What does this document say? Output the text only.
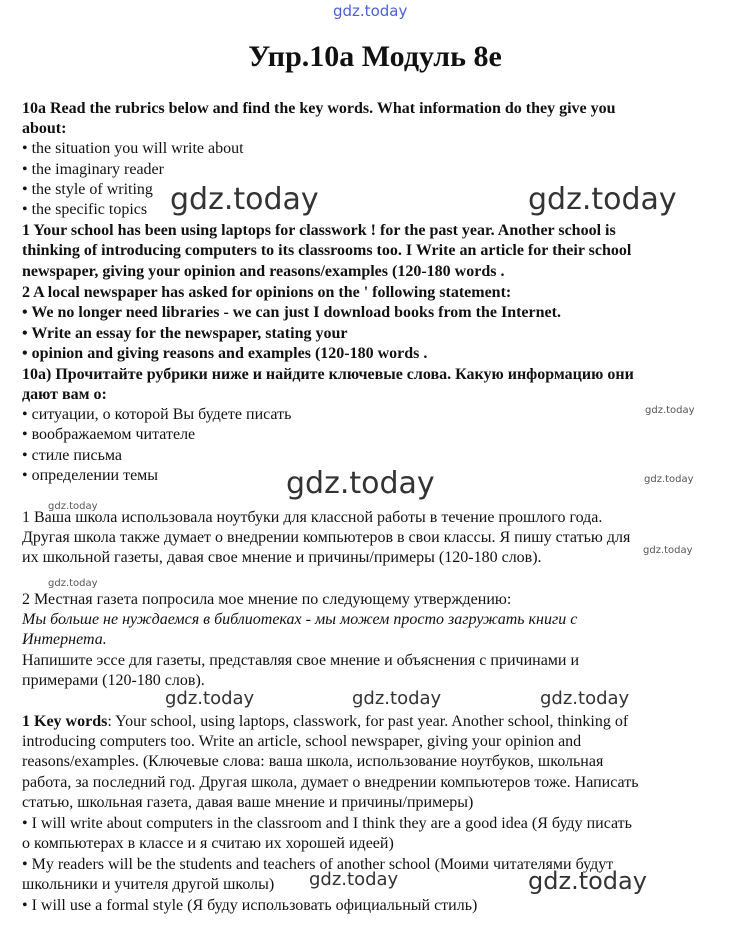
gdz.today
gdz.today	gdz.today
gdz.today
gdz.today
gdz.today
gdz.today
gdz.today
gdz.today
gdz.today	gdz.today	gdz.today
gdz.today	gdz.today
Упр.10a Модуль 8e
10a Read the rubrics below and find the key words. What information do they give you
about:
• the situation you will write about
• the imaginary reader
• the style of writing
• the specific topics
1 Your school has been using laptops for classwork ! for the past year. Another school is
thinking of introducing computers to its classrooms too. I Write an article for their school
newspaper, giving your opinion and reasons/examples (120-180 words .
2 A local newspaper has asked for opinions on the ' following statement:
• We no longer need libraries - we can just I download books from the Internet.
• Write an essay for the newspaper, stating your
• opinion and giving reasons and examples (120-180 words .
10a) Прочитайте рубрики ниже и найдите ключевые слова. Какую информацию они
дают вам о:
• ситуации, о которой Вы будете писать
• воображаемом читателе
• стиле письма
• определении темы
1 Ваша школа использовала ноутбуки для классной работы в течение прошлого года.
Другая школа также думает о внедрении компьютеров в свои классы. Я пишу статью для
их школьной газеты, давая свое мнение и причины/примеры (120-180 слов).
2 Местная газета попросила мое мнение по следующему утверждению:
Мы больше не нуждаемся в библиотеках - мы можем просто загружать книги с
Интернета.
Напишите эссе для газеты, представляя свое мнение и объяснения с причинами и
примерами (120-180 слов).
1 Key words: Your school, using laptops, classwork, for past year. Another school, thinking of
introducing computers too. Write an article, school newspaper, giving your opinion and
reasons/examples. (Ключевые слова: ваша школа, использование ноутбуков, школьная
работа, за последний год. Другая школа, думает о внедрении компьютеров тоже. Написать
статью, школьная газета, давая ваше мнение и причины/примеры)
• I will write about computers in the classroom and I think they are a good idea (Я буду писать
о компьютерах в классе и я считаю их хорошей идеей)
• My readers will be the students and teachers of another school (Моими читателями будут
школьники и учителя другой школы)
• I will use a formal style (Я буду использовать официальный стиль)
